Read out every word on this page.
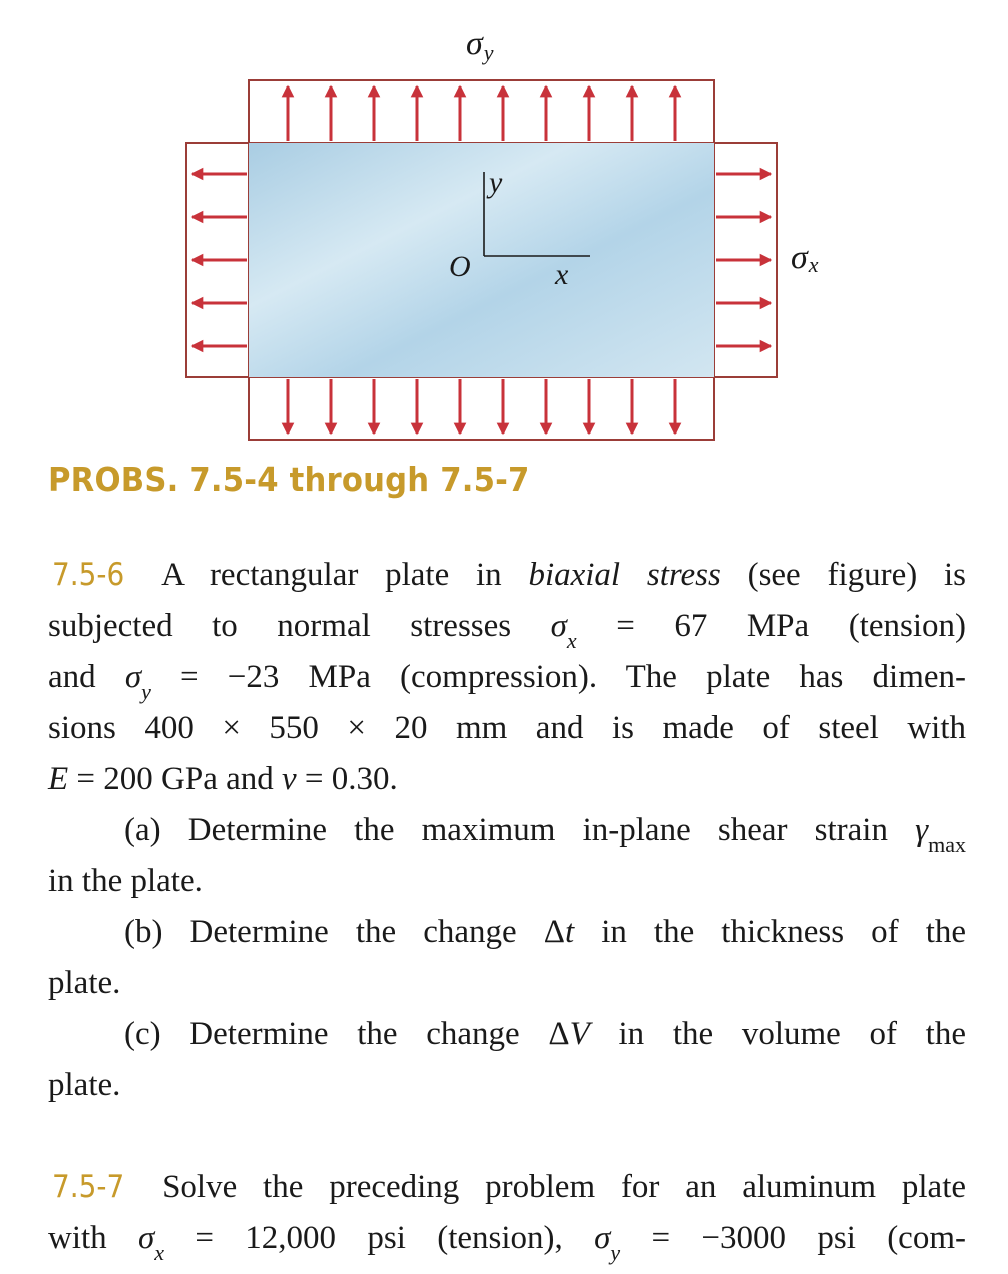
σy
σx
O	x
y
PROBS. 7.5-4 through 7.5-7
7.5-6 A rectangular plate in biaxial stress (see figure) is
subjected to normal stresses $\sigma_x = 67$ MPa (tension)
and $\sigma_y = -23$ MPa (compression). The plate has dimen-
sions 400 × 550 × 20 mm and is made of steel with
E = 200 GPa and ν = 0.30.
(a) Determine the maximum in-plane shear strain $\gamma_{max}$
in the plate.
(b) Determine the change Δt in the thickness of the
plate.
(c) Determine the change ΔV in the volume of the
plate.
7.5-7 Solve the preceding problem for an aluminum plate
with $\sigma_x = 12,000$ psi (tension), $\sigma_y = -3000$ psi (com-
